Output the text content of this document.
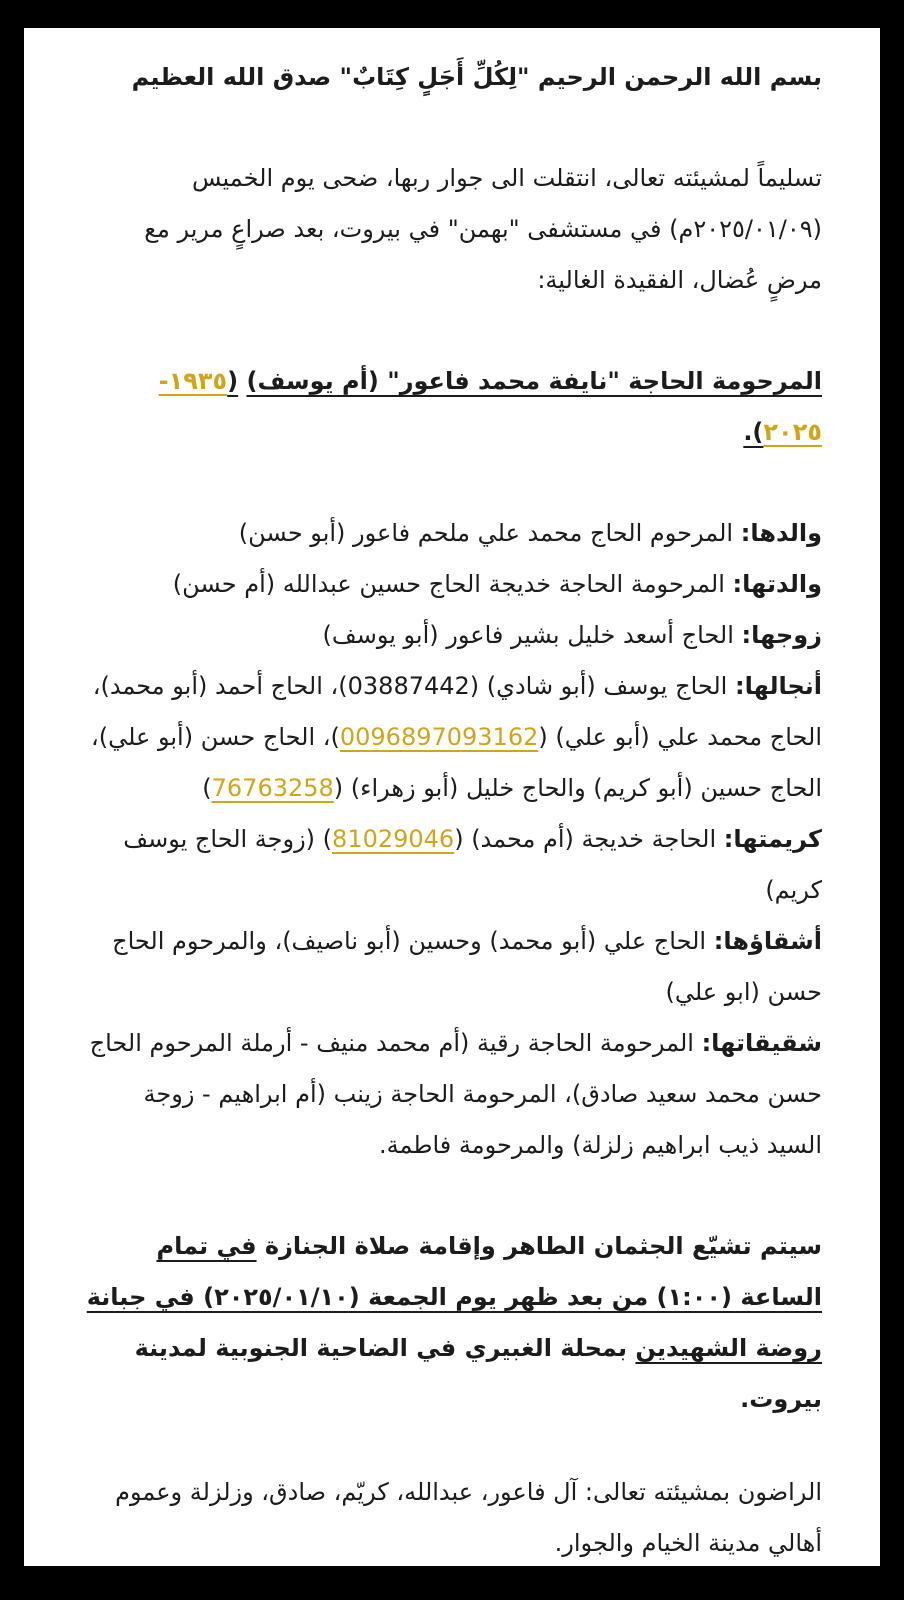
بسم الله الرحمن الرحيم "لِكُلِّ أَجَلٍ كِتَابٌ" صدق الله العظيم

تسليماً لمشيئته تعالى، انتقلت الى جوار ربها، ضحى يوم الخميس (٢٠٢٥/٠١/٠٩م) في مستشفى "بهمن" في بيروت، بعد صراعٍ مرير مع مرضٍ عُضال، الفقيدة الغالية:

المرحومة الحاجة "نايفة محمد فاعور" (أم يوسف) (١٩٣٥- ٢٠٢٥).

والدها: المرحوم الحاج محمد علي ملحم فاعور (أبو حسن)

والدتها: المرحومة الحاجة خديجة الحاج حسين عبدالله (أم حسن)

زوجها: الحاج أسعد خليل بشير فاعور (أبو يوسف)

أنجالها: الحاج يوسف (أبو شادي) (03887442)، الحاج أحمد (أبو محمد)، الحاج محمد علي (أبو علي) (0096897093162)، الحاج حسن (أبو علي)، الحاج حسين (أبو كريم) والحاج خليل (أبو زهراء) (76763258)

كريمتها: الحاجة خديجة (أم محمد) (81029046) (زوجة الحاج يوسف كريم)

أشقاؤها: الحاج علي (أبو محمد) وحسين (أبو ناصيف)، والمرحوم الحاج حسن (ابو علي)

شقيقاتها: المرحومة الحاجة رقية (أم محمد منيف - أرملة المرحوم الحاج حسن محمد سعيد صادق)، المرحومة الحاجة زينب (أم ابراهيم - زوجة السيد ذيب ابراهيم زلزلة) والمرحومة فاطمة.

سيتم تشيّع الجثمان الطاهر وإقامة صلاة الجنازة في تمام الساعة (١:٠٠) من بعد ظهر يوم الجمعة (٢٠٢٥/٠١/١٠) في جبانة روضة الشهيدين بمحلة الغبيري في الضاحية الجنوبية لمدينة بيروت.

الراضون بمشيئته تعالى: آل فاعور، عبدالله، كريّم، صادق، وزلزلة وعموم أهالي مدينة الخيام والجوار.
